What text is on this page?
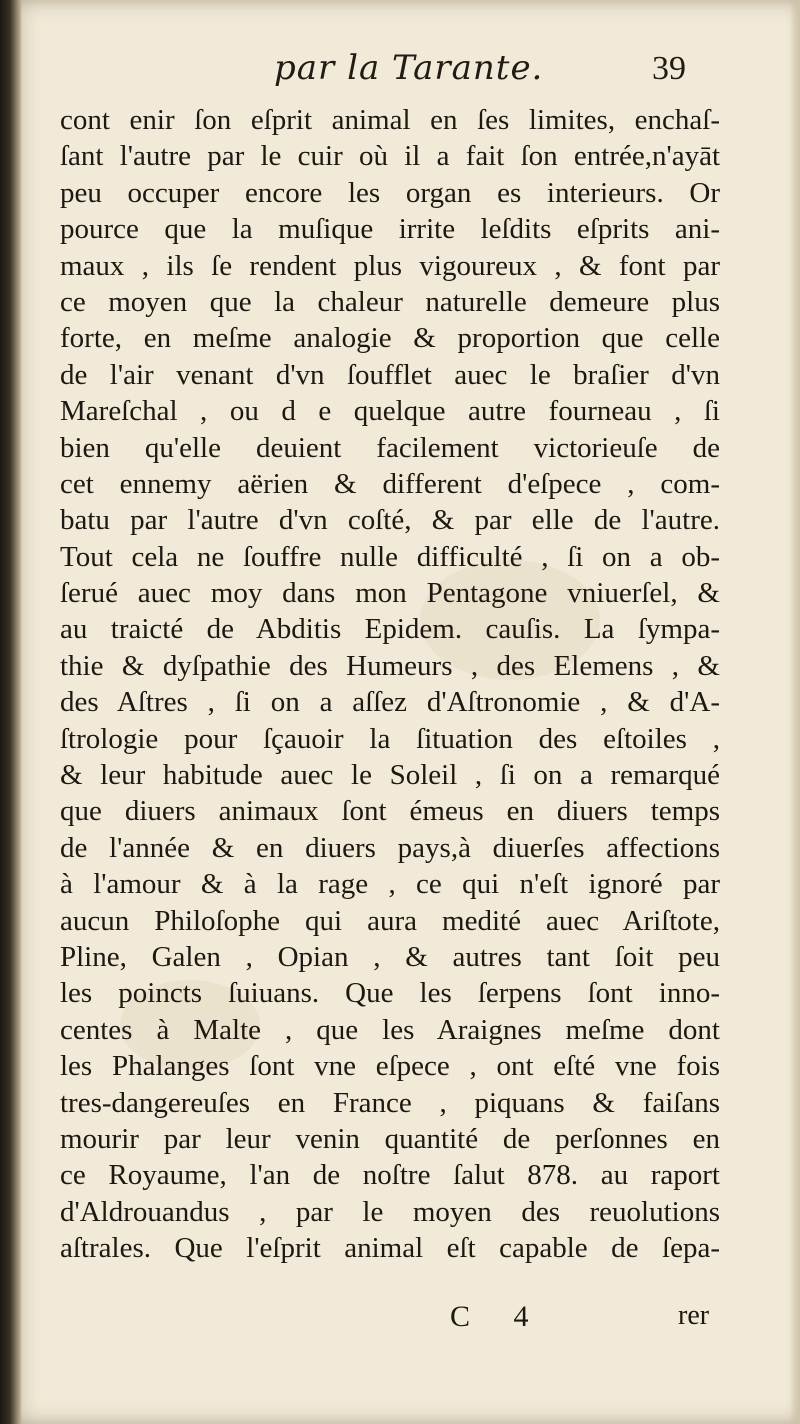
par la Tarante.	39
cont enir ſon eſprit animal en ſes limites, enchaſ-
ſant l'autre par le cuir où il a fait ſon entrée,n'ayāt
peu occuper encore les organ es interieurs. Or
pource que la muſique irrite leſdits eſprits ani-
maux , ils ſe rendent plus vigoureux , & font par
ce moyen que la chaleur naturelle demeure plus
forte, en meſme analogie & proportion que celle
de l'air venant d'vn ſoufflet auec le braſier d'vn
Mareſchal , ou d e quelque autre fourneau , ſi
bien qu'elle deuient facilement victorieuſe de
cet ennemy aërien & different d'eſpece , com-
batu par l'autre d'vn coſté, & par elle de l'autre.
Tout cela ne ſouffre nulle difficulté , ſi on a ob-
ſerué auec moy dans mon Pentagone vniuerſel, &
au traicté de Abditis Epidem. cauſis. La ſympa-
thie & dyſpathie des Humeurs , des Elemens , &
des Aſtres , ſi on a aſſez d'Aſtronomie , & d'A-
ſtrologie pour ſçauoir la ſituation des eſtoiles ,
& leur habitude auec le Soleil , ſi on a remarqué
que diuers animaux ſont émeus en diuers temps
de l'année & en diuers pays,à diuerſes affections
à l'amour & à la rage , ce qui n'eſt ignoré par
aucun Philoſophe qui aura medité auec Ariſtote,
Pline, Galen , Opian , & autres tant ſoit peu
les poincts ſuiuans. Que les ſerpens ſont inno-
centes à Malte , que les Araignes meſme dont
les Phalanges ſont vne eſpece , ont eſté vne fois
tres-dangereuſes en France , piquans & faiſans
mourir par leur venin quantité de perſonnes en
ce Royaume, l'an de noſtre ſalut 878. au raport
d'Aldrouandus , par le moyen des reuolutions
aſtrales. Que l'eſprit animal eſt capable de ſepa-
C 4	rer
